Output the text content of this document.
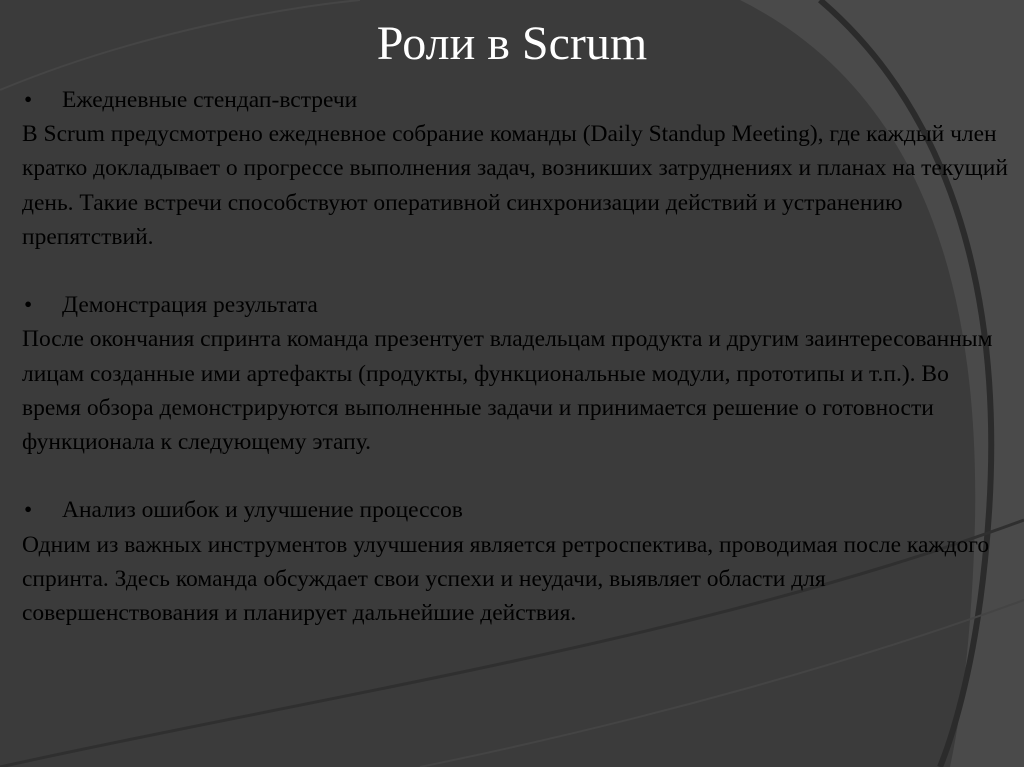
Роли в Scrum
•	Ежедневные стендап-встречи

В Scrum предусмотрено ежедневное собрание команды (Daily Standup Meeting), где каждый член кратко докладывает о прогрессе выполнения задач, возникших затруднениях и планах на текущий день. Такие встречи способствуют оперативной синхронизации действий и устранению препятствий.

•	Демонстрация результата

После окончания спринта команда презентует владельцам продукта и другим заинтересованным лицам созданные ими артефакты (продукты, функциональные модули, прототипы и т.п.). Во время обзора демонстрируются выполненные задачи и принимается решение о готовности функционала к следующему этапу.

•	Анализ ошибок и улучшение процессов

Одним из важных инструментов улучшения является ретроспектива, проводимая после каждого спринта. Здесь команда обсуждает свои успехи и неудачи, выявляет области для совершенствования и планирует дальнейшие действия.
